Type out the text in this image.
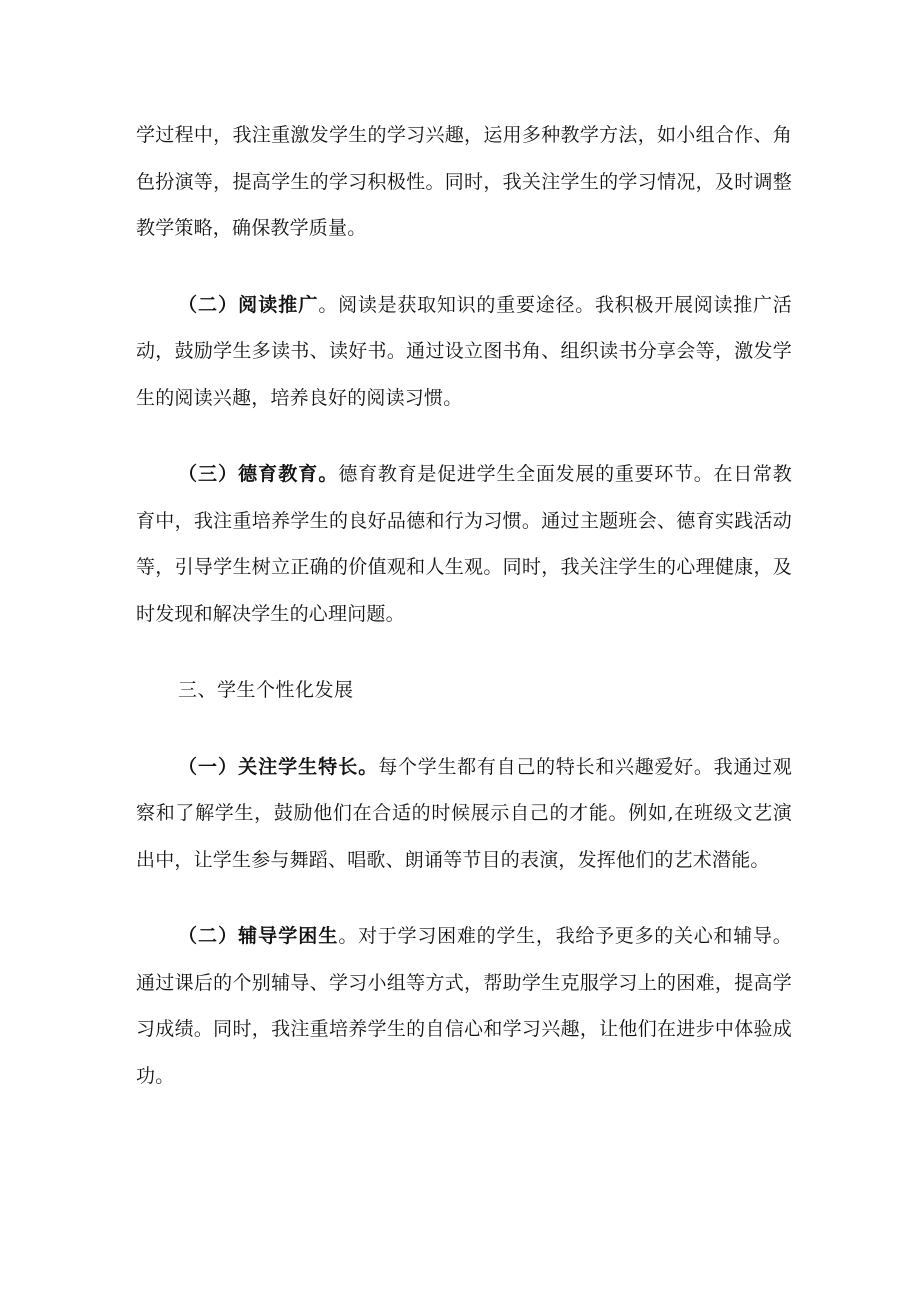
学过程中，我注重激发学生的学习兴趣，运用多种教学方法，如小组合作、角色扮演等，提高学生的学习积极性。同时，我关注学生的学习情况，及时调整教学策略，确保教学质量。

（二）阅读推广。阅读是获取知识的重要途径。我积极开展阅读推广活动，鼓励学生多读书、读好书。通过设立图书角、组织读书分享会等，激发学生的阅读兴趣，培养良好的阅读习惯。

（三）德育教育。德育教育是促进学生全面发展的重要环节。在日常教育中，我注重培养学生的良好品德和行为习惯。通过主题班会、德育实践活动等，引导学生树立正确的价值观和人生观。同时，我关注学生的心理健康，及时发现和解决学生的心理问题。

三、学生个性化发展

（一）关注学生特长。每个学生都有自己的特长和兴趣爱好。我通过观察和了解学生，鼓励他们在合适的时候展示自己的才能。例如,在班级文艺演出中，让学生参与舞蹈、唱歌、朗诵等节目的表演，发挥他们的艺术潜能。

（二）辅导学困生。对于学习困难的学生，我给予更多的关心和辅导。通过课后的个别辅导、学习小组等方式，帮助学生克服学习上的困难，提高学习成绩。同时，我注重培养学生的自信心和学习兴趣，让他们在进步中体验成功。
